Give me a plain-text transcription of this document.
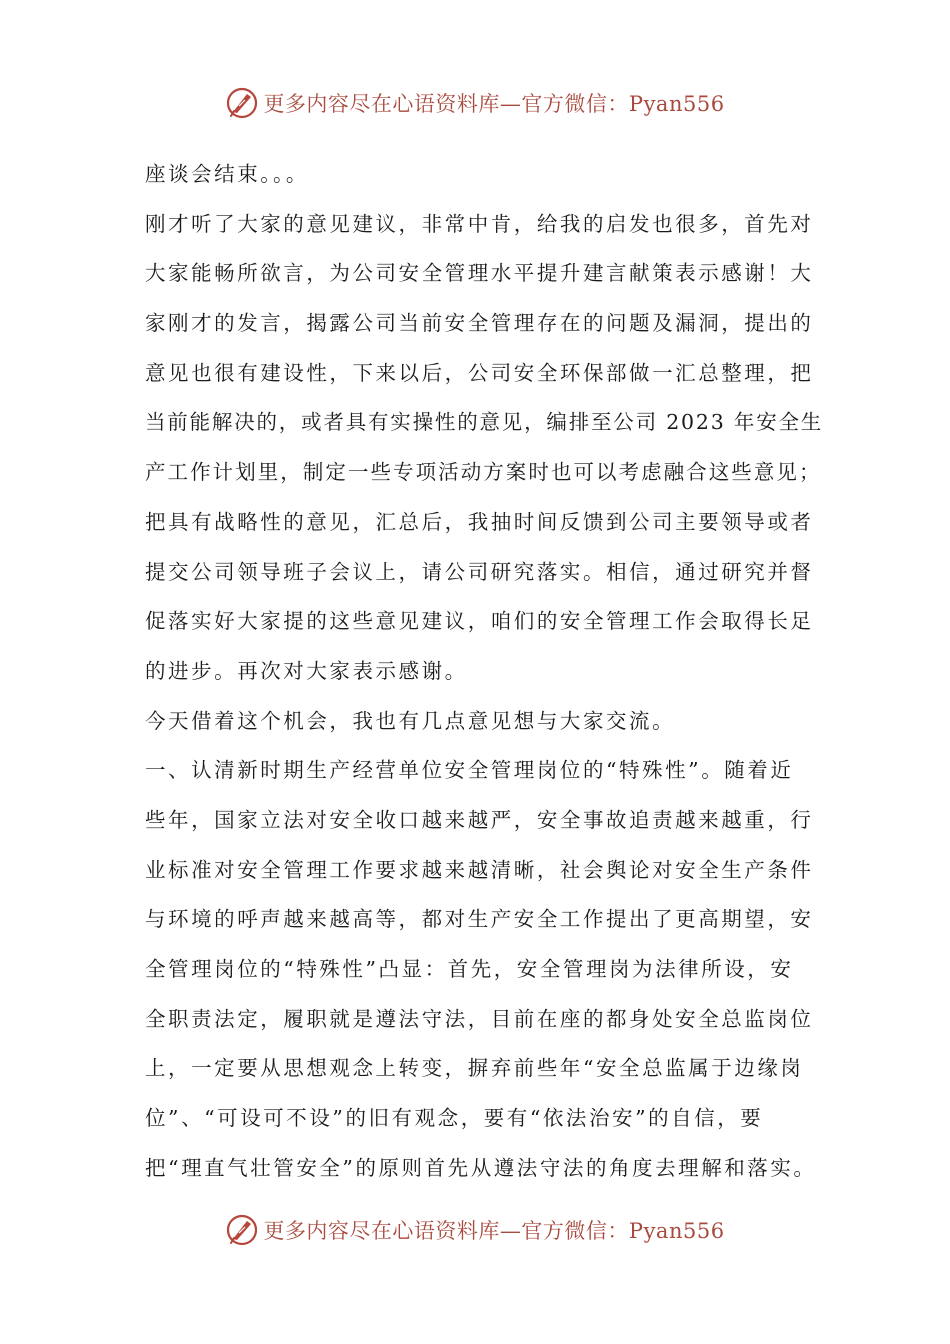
更多内容尽在心语资料库—官方微信：Pyan556
座谈会结束。。。
刚才听了大家的意见建议，非常中肯，给我的启发也很多，首先对
大家能畅所欲言，为公司安全管理水平提升建言献策表示感谢！大
家刚才的发言，揭露公司当前安全管理存在的问题及漏洞，提出的
意见也很有建设性，下来以后，公司安全环保部做一汇总整理，把
当前能解决的，或者具有实操性的意见，编排至公司 2023 年安全生
产工作计划里，制定一些专项活动方案时也可以考虑融合这些意见；
把具有战略性的意见，汇总后，我抽时间反馈到公司主要领导或者
提交公司领导班子会议上，请公司研究落实。相信，通过研究并督
促落实好大家提的这些意见建议，咱们的安全管理工作会取得长足
的进步。再次对大家表示感谢。
今天借着这个机会，我也有几点意见想与大家交流。
一、认清新时期生产经营单位安全管理岗位的“特殊性”。随着近
些年，国家立法对安全收口越来越严，安全事故追责越来越重，行
业标准对安全管理工作要求越来越清晰，社会舆论对安全生产条件
与环境的呼声越来越高等，都对生产安全工作提出了更高期望，安
全管理岗位的“特殊性”凸显：首先，安全管理岗为法律所设，安
全职责法定，履职就是遵法守法，目前在座的都身处安全总监岗位
上，一定要从思想观念上转变，摒弃前些年“安全总监属于边缘岗
位”、“可设可不设”的旧有观念，要有“依法治安”的自信，要
把“理直气壮管安全”的原则首先从遵法守法的角度去理解和落实。
更多内容尽在心语资料库—官方微信：Pyan556
